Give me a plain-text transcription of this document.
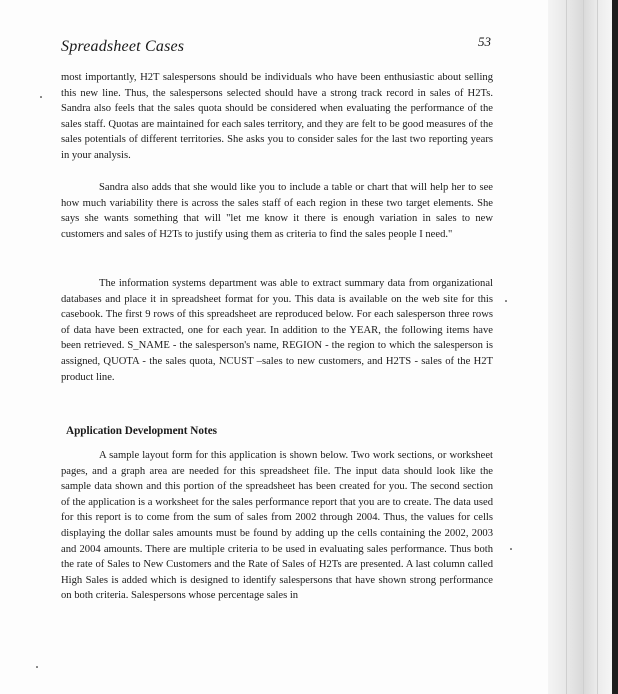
Spreadsheet Cases	53

most importantly, H2T salespersons should be individuals who have been enthusiastic about selling this new line. Thus, the salespersons selected should have a strong track record in sales of H2Ts. Sandra also feels that the sales quota should be considered when evaluating the performance of the sales staff. Quotas are maintained for each sales territory, and they are felt to be good measures of the sales potentials of different territories. She asks you to consider sales for the last two reporting years in your analysis.

Sandra also adds that she would like you to include a table or chart that will help her to see how much variability there is across the sales staff of each region in these two target elements. She says she wants something that will "let me know it there is enough variation in sales to new customers and sales of H2Ts to justify using them as criteria to find the sales people I need."

The information systems department was able to extract summary data from organizational databases and place it in spreadsheet format for you. This data is available on the web site for this casebook. The first 9 rows of this spreadsheet are reproduced below. For each salesperson three rows of data have been extracted, one for each year. In addition to the YEAR, the following items have been retrieved. S_NAME - the salesperson's name, REGION - the region to which the salesperson is assigned, QUOTA - the sales quota, NCUST –sales to new customers, and H2TS - sales of the H2T product line.

Application Development Notes

A sample layout form for this application is shown below. Two work sections, or worksheet pages, and a graph area are needed for this spreadsheet file. The input data should look like the sample data shown and this portion of the spreadsheet has been created for you. The second section of the application is a worksheet for the sales performance report that you are to create. The data used for this report is to come from the sum of sales from 2002 through 2004. Thus, the values for cells displaying the dollar sales amounts must be found by adding up the cells containing the 2002, 2003 and 2004 amounts. There are multiple criteria to be used in evaluating sales performance. Thus both the rate of Sales to New Customers and the Rate of Sales of H2Ts are presented. A last column called High Sales is added which is designed to identify salespersons that have shown strong performance on both criteria. Salespersons whose percentage sales in
